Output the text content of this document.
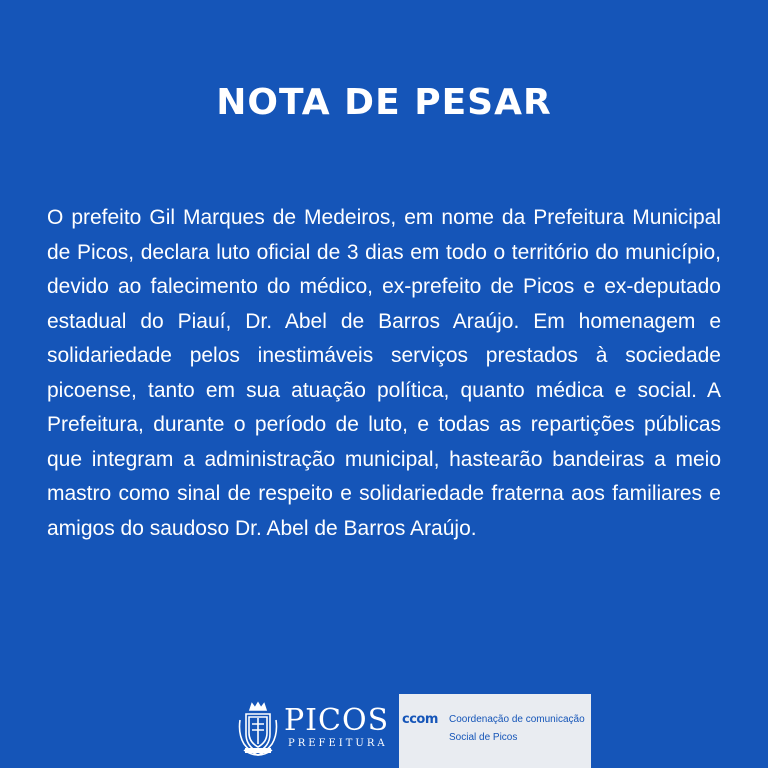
NOTA DE PESAR

O prefeito Gil Marques de Medeiros, em nome da Prefeitura Municipal de Picos, declara luto oficial de 3 dias em todo o território do município, devido ao falecimento do médico, ex-prefeito de Picos e ex-deputado estadual do Piauí, Dr. Abel de Barros Araújo. Em homenagem e solidariedade pelos inestimáveis serviços prestados à sociedade picoense, tanto em sua atuação política, quanto médica e social. A Prefeitura, durante o período de luto, e todas as repartições públicas que integram a administração municipal, hastearão bandeiras a meio mastro como sinal de respeito e solidariedade fraterna aos familiares e amigos do saudoso Dr. Abel de Barros Araújo.

PICOS
PREFEITURA
ccom Coordenação de comunicação
Social de Picos
